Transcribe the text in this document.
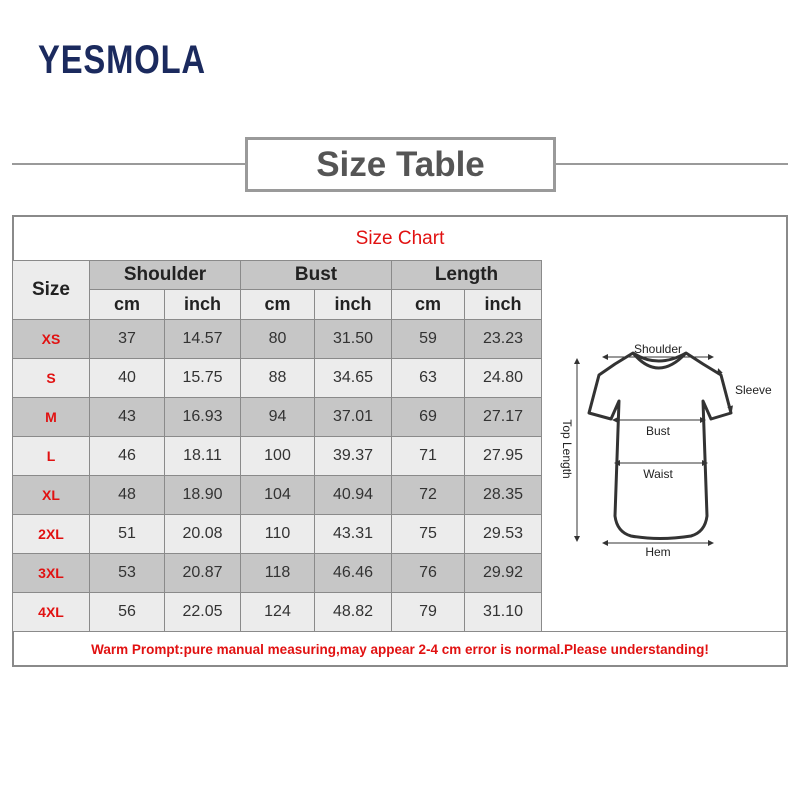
YESMOLA
Size Table
Size Chart
Size	Shoulder		Bust		Length	
	cm	inch	cm	inch	cm	inch
XS	37	14.57	80	31.50	59	23.23
S	40	15.75	88	34.65	63	24.80
M	43	16.93	94	37.01	69	27.17
L	46	18.11	100	39.37	71	27.95
XL	48	18.90	104	40.94	72	28.35
2XL	51	20.08	110	43.31	75	29.53
3XL	53	20.87	118	46.46	76	29.92
4XL	56	22.05	124	48.82	79	31.10
Shoulder
Sleeve
Bust
Waist
Hem
Top Length
Warm Prompt:pure manual measuring,may appear 2-4 cm error is normal.Please understanding!
